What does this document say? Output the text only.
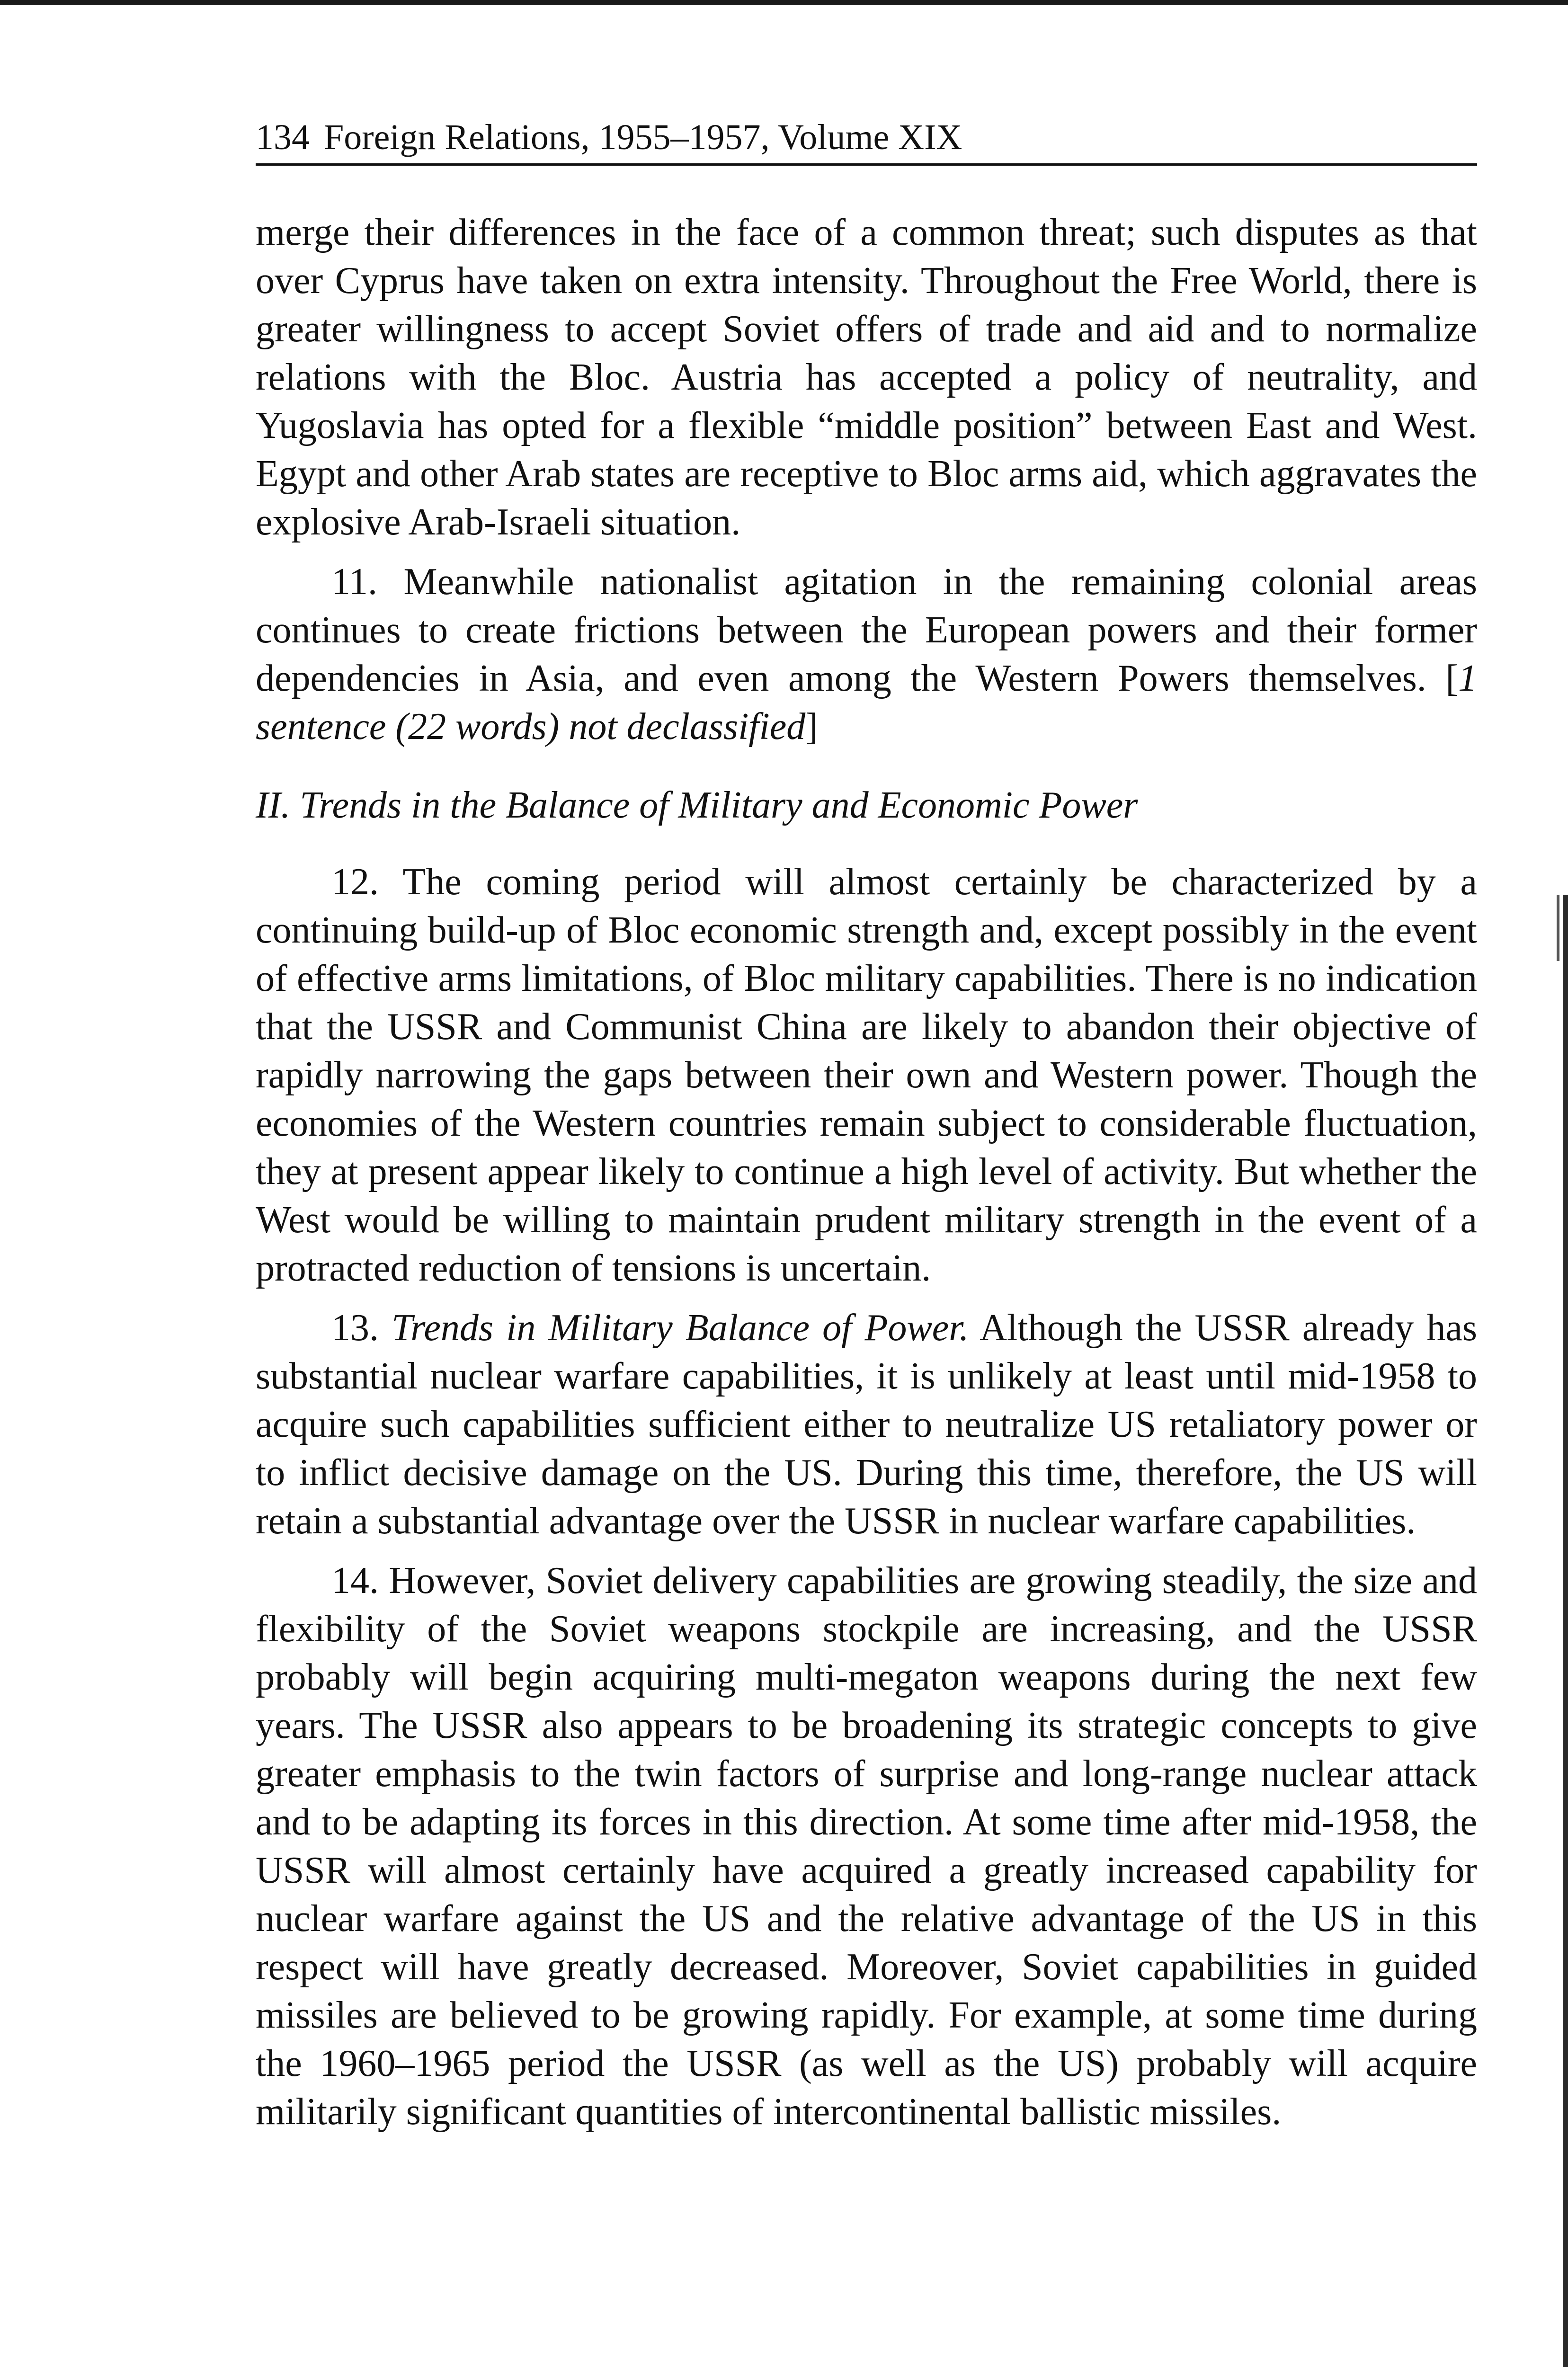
134 Foreign Relations, 1955–1957, Volume XIX

merge their differences in the face of a common threat; such disputes as that over Cyprus have taken on extra intensity. Throughout the Free World, there is greater willingness to accept Soviet offers of trade and aid and to normalize relations with the Bloc. Austria has accepted a policy of neutrality, and Yugoslavia has opted for a flexible “middle position” between East and West. Egypt and other Arab states are receptive to Bloc arms aid, which aggravates the explosive Arab-Israeli situation.

11. Meanwhile nationalist agitation in the remaining colonial areas continues to create frictions between the European powers and their former dependencies in Asia, and even among the Western Powers themselves. [1 sentence (22 words) not declassified]

II. Trends in the Balance of Military and Economic Power

12. The coming period will almost certainly be characterized by a continuing build-up of Bloc economic strength and, except possibly in the event of effective arms limitations, of Bloc military capabilities. There is no indication that the USSR and Communist China are likely to abandon their objective of rapidly narrowing the gaps between their own and Western power. Though the economies of the Western countries remain subject to considerable fluctuation, they at present appear likely to continue a high level of activity. But whether the West would be willing to maintain prudent military strength in the event of a protracted reduction of tensions is uncertain.

13. Trends in Military Balance of Power. Although the USSR already has substantial nuclear warfare capabilities, it is unlikely at least until mid-1958 to acquire such capabilities sufficient either to neutralize US retaliatory power or to inflict decisive damage on the US. During this time, therefore, the US will retain a substantial advantage over the USSR in nuclear warfare capabilities.

14. However, Soviet delivery capabilities are growing steadily, the size and flexibility of the Soviet weapons stockpile are increasing, and the USSR probably will begin acquiring multi-megaton weapons during the next few years. The USSR also appears to be broadening its strategic concepts to give greater emphasis to the twin factors of surprise and long-range nuclear attack and to be adapting its forces in this direction. At some time after mid-1958, the USSR will almost certainly have acquired a greatly increased capability for nuclear warfare against the US and the relative advantage of the US in this respect will have greatly decreased. Moreover, Soviet capabilities in guided missiles are believed to be growing rapidly. For example, at some time during the 1960–1965 period the USSR (as well as the US) probably will acquire militarily significant quantities of intercontinental ballistic missiles.
